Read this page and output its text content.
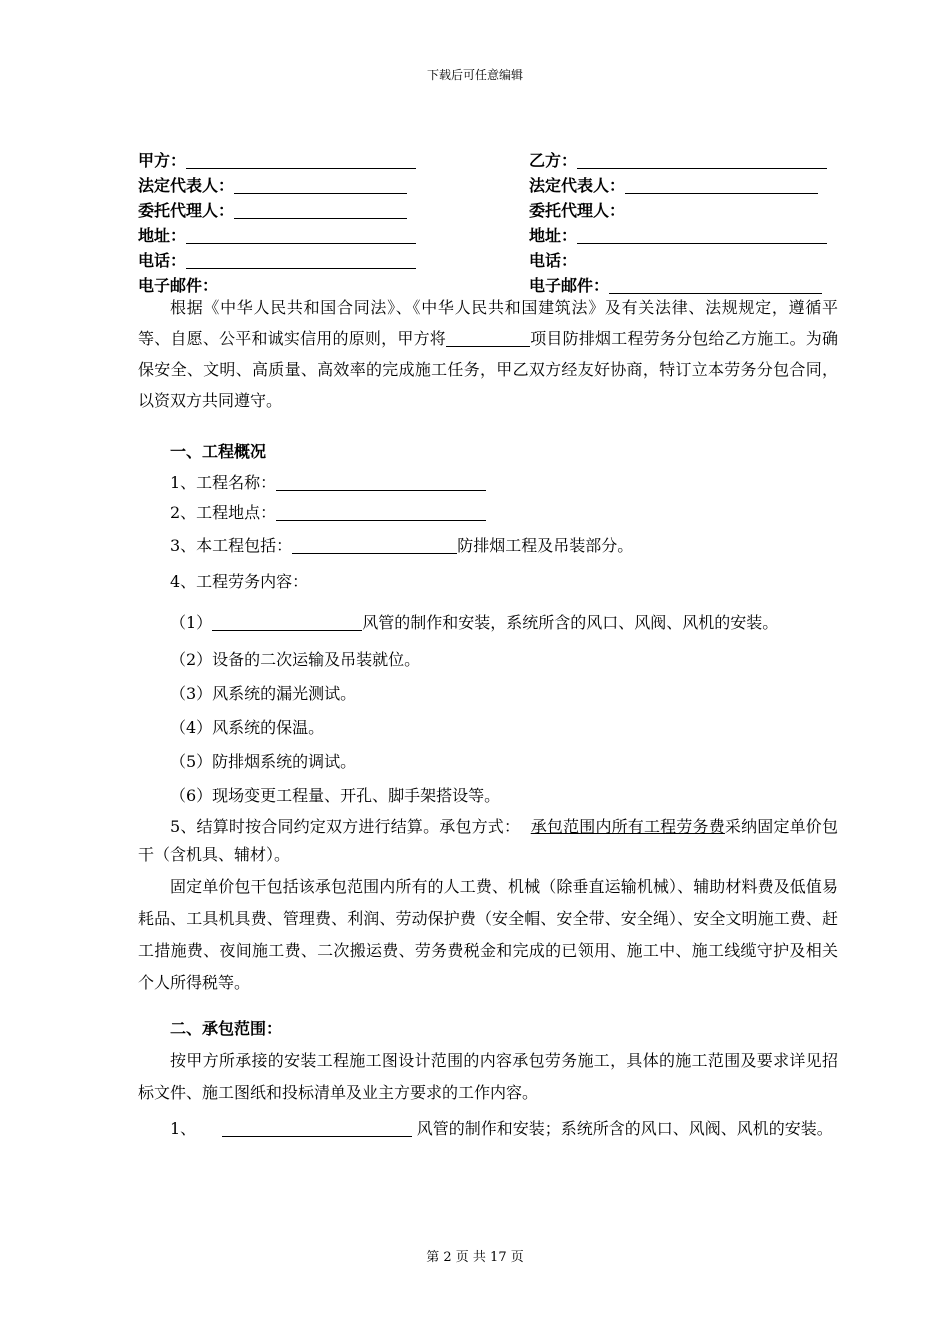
下载后可任意编辑
甲方：	乙方：
法定代表人：	法定代表人：
委托代理人：	委托代理人：
地址：	地址：
电话：	电话：
电子邮件：	电子邮件：

根据《中华人民共和国合同法》、《中华人民共和国建筑法》及有关法律、法规规定，遵循平等、自愿、公平和诚实信用的原则，甲方将	项目防排烟工程劳务分包给乙方施工。为确保安全、文明、高质量、高效率的完成施工任务，甲乙双方经友好协商，特订立本劳务分包合同，以资双方共同遵守。

一、工程概况

1、工程名称：

2、工程地点：

3、本工程包括：	防排烟工程及吊装部分。

4、工程劳务内容：

（1）	风管的制作和安装，系统所含的风口、风阀、风机的安装。

（2）设备的二次运输及吊装就位。

（3）风系统的漏光测试。

（4）风系统的保温。

（5）防排烟系统的调试。

（6）现场变更工程量、开孔、脚手架搭设等。

5、结算时按合同约定双方进行结算。承包方式： 承包范围内所有工程劳务费采纳固定单价包干（含机具、辅材）。

固定单价包干包括该承包范围内所有的人工费、机械（除垂直运输机械）、辅助材料费及低值易耗品、工具机具费、管理费、利润、劳动保护费（安全帽、安全带、安全绳）、安全文明施工费、赶工措施费、夜间施工费、二次搬运费、劳务费税金和完成的已领用、施工中、施工线缆守护及相关个人所得税等。

二、承包范围：

按甲方所承接的安装工程施工图设计范围的内容承包劳务施工，具体的施工范围及要求详见招标文件、施工图纸和投标清单及业主方要求的工作内容。

1、	风管的制作和安装；系统所含的风口、风阀、风机的安装。

第 2 页 共 17 页
